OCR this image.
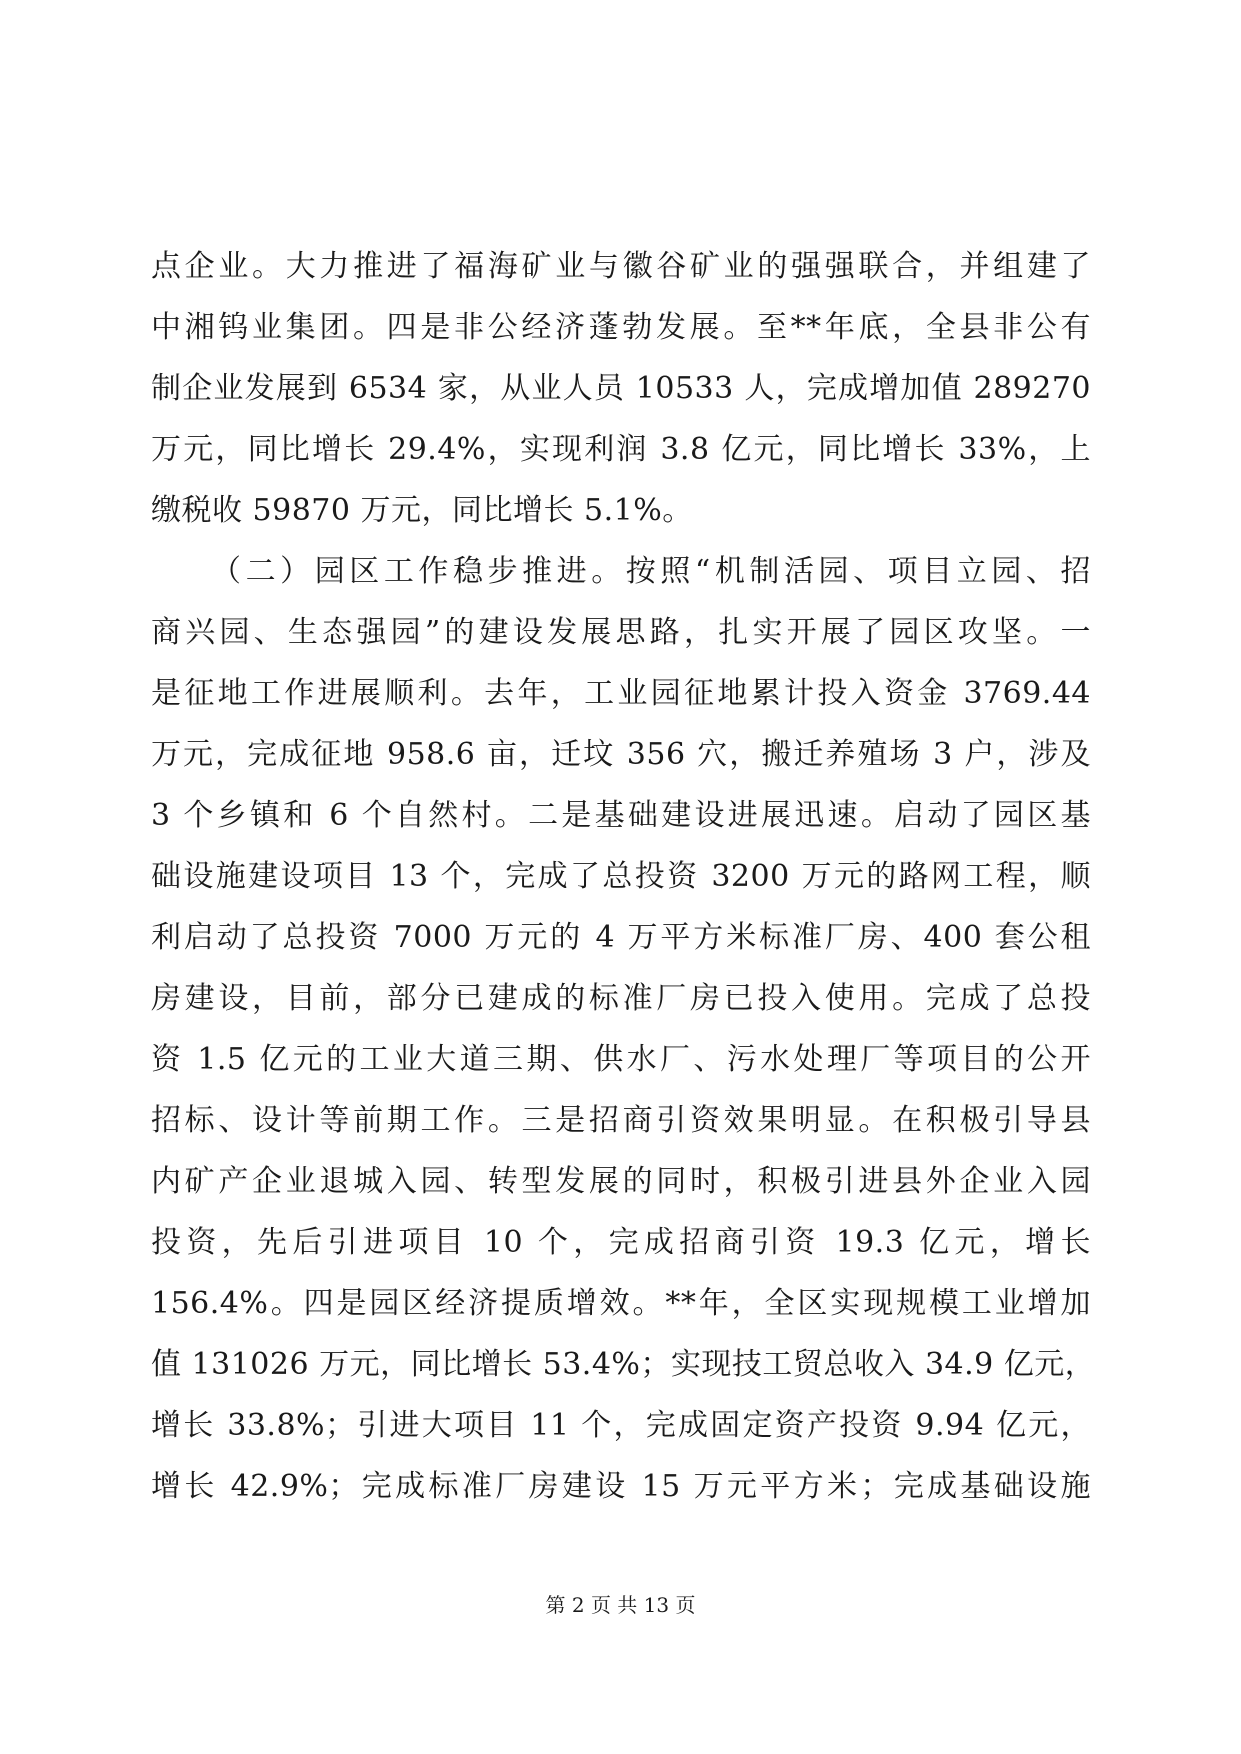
点企业。大力推进了福海矿业与徽谷矿业的强强联合，并组建了
中湘钨业集团。四是非公经济蓬勃发展。至**年底，全县非公有
制企业发展到 6534 家，从业人员 10533 人，完成增加值 289270
万元，同比增长 29.4%，实现利润 3.8 亿元，同比增长 33%，上
缴税收 59870 万元，同比增长 5.1%。
（二）园区工作稳步推进。按照“机制活园、项目立园、招
商兴园、生态强园”的建设发展思路，扎实开展了园区攻坚。一
是征地工作进展顺利。去年，工业园征地累计投入资金 3769.44
万元，完成征地 958.6 亩，迁坟 356 穴，搬迁养殖场 3 户，涉及
3 个乡镇和 6 个自然村。二是基础建设进展迅速。启动了园区基
础设施建设项目 13 个，完成了总投资 3200 万元的路网工程，顺
利启动了总投资 7000 万元的 4 万平方米标准厂房、400 套公租
房建设，目前，部分已建成的标准厂房已投入使用。完成了总投
资 1.5 亿元的工业大道三期、供水厂、污水处理厂等项目的公开
招标、设计等前期工作。三是招商引资效果明显。在积极引导县
内矿产企业退城入园、转型发展的同时，积极引进县外企业入园
投资，先后引进项目 10 个，完成招商引资 19.3 亿元，增长
156.4%。四是园区经济提质增效。**年，全区实现规模工业增加
值 131026 万元，同比增长 53.4%；实现技工贸总收入 34.9 亿元，
增长 33.8%；引进大项目 11 个，完成固定资产投资 9.94 亿元，
增长 42.9%；完成标准厂房建设 15 万元平方米；完成基础设施
第 2 页 共 13 页
